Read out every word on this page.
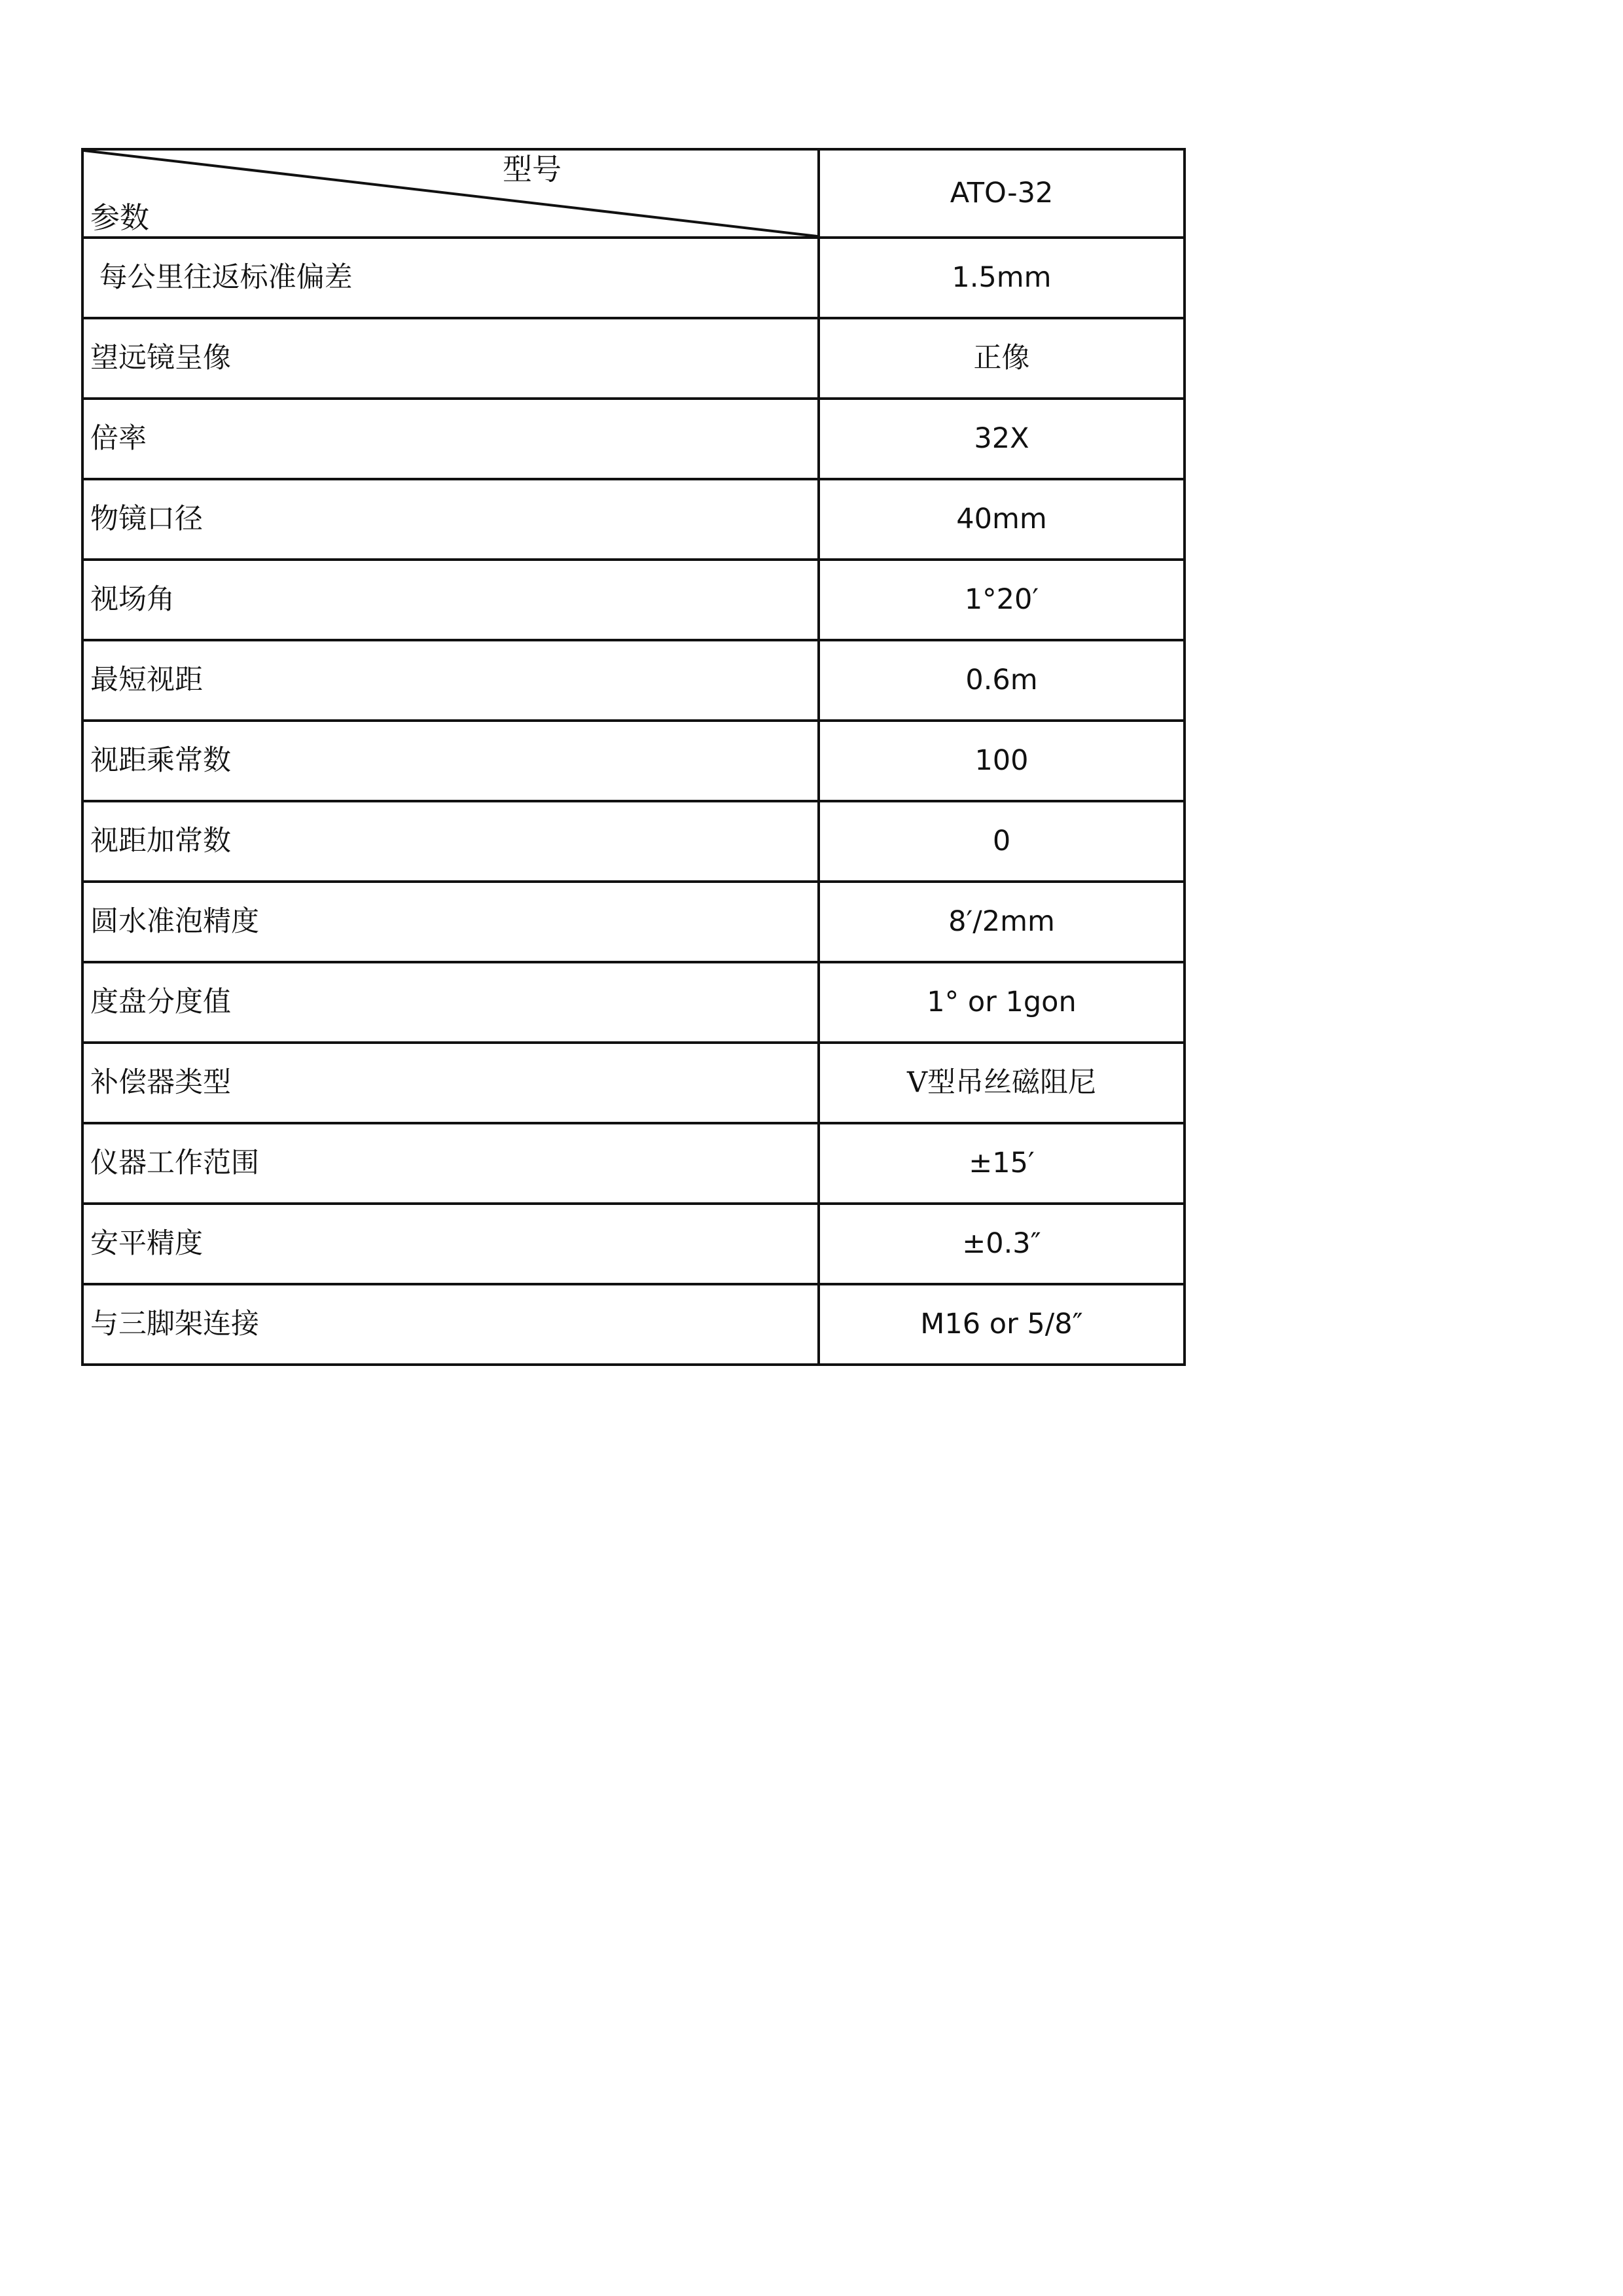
型号
参数	ATO-32
每公里往返标准偏差	1.5mm
望远镜呈像	正像
倍率	32X
物镜口径	40mm
视场角	1°20′
最短视距	0.6m
视距乘常数	100
视距加常数	0
圆水准泡精度	8′/2mm
度盘分度值	1° or 1gon
补偿器类型	V型吊丝磁阻尼
仪器工作范围	±15′
安平精度	±0.3″
与三脚架连接	M16 or 5/8″
